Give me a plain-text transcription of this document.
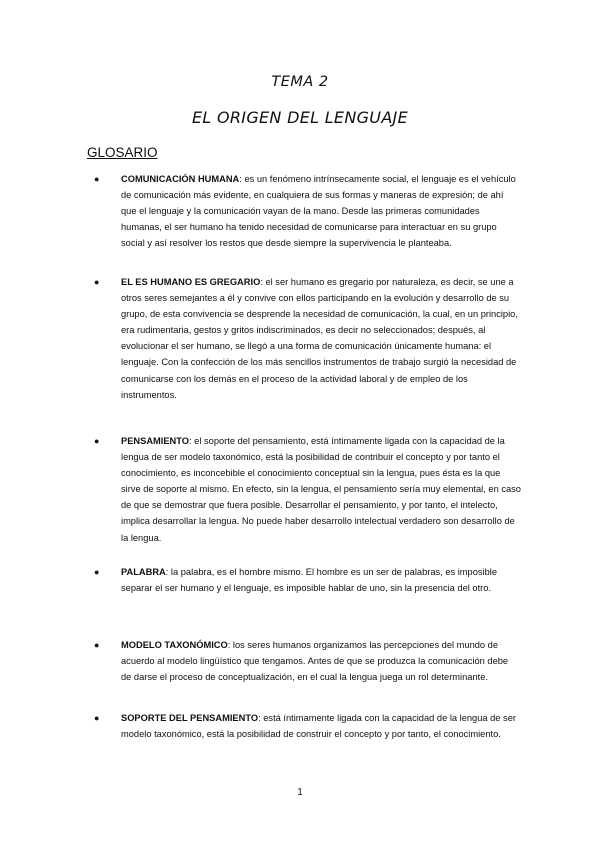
TEMA 2
EL ORIGEN DEL LENGUAJE
GLOSARIO
● COMUNICACIÓN HUMANA: es un fenómeno intrínsecamente social, el lenguaje es el vehículo de comunicación más evidente, en cualquiera de sus formas y maneras de expresión; de ahí que el lenguaje y la comunicación vayan de la mano. Desde las primeras comunidades humanas, el ser humano ha tenido necesidad de comunicarse para interactuar en su grupo social y así resolver los restos que desde siempre la supervivencia le planteaba.
● EL ES HUMANO ES GREGARIO: el ser humano es gregario por naturaleza, es decir, se une a otros seres semejantes a él y convive con ellos participando en la evolución y desarrollo de su grupo, de esta convivencia se desprende la necesidad de comunicación, la cual, en un principio, era rudimentaria, gestos y gritos indiscriminados, es decir no seleccionados; después, al evolucionar el ser humano, se llegó a una forma de comunicación únicamente humana: el lenguaje. Con la confección de los más sencillos instrumentos de trabajo surgió la necesidad de comunicarse con los demás en el proceso de la actividad laboral y de empleo de los instrumentos.
● PENSAMIENTO: el soporte del pensamiento, está íntimamente ligada con la capacidad de la lengua de ser modelo taxonómico, está la posibilidad de contribuir el concepto y por tanto el conocimiento, es inconcebible el conocimiento conceptual sin la lengua, pues ésta es la que sirve de soporte al mismo. En efecto, sin la lengua, el pensamiento sería muy elemental, en caso de que se demostrar que fuera posible. Desarrollar el pensamiento, y por tanto, el intelecto, implica desarrollar la lengua. No puede haber desarrollo intelectual verdadero son desarrollo de la lengua.
● PALABRA: la palabra, es el hombre mismo. El hombre es un ser de palabras, es imposible separar el ser humano y el lenguaje, es imposible hablar de uno, sin la presencia del otro.
● MODELO TAXONÓMICO: los seres humanos organizamos las percepciones del mundo de acuerdo al modelo lingüístico que tengamos. Antes de que se produzca la comunicación debe de darse el proceso de conceptualización, en el cual la lengua juega un rol determinante.
● SOPORTE DEL PENSAMIENTO: está íntimamente ligada con la capacidad de la lengua de ser modelo taxonómico, está la posibilidad de construir el concepto y por tanto, el conocimiento.
1
